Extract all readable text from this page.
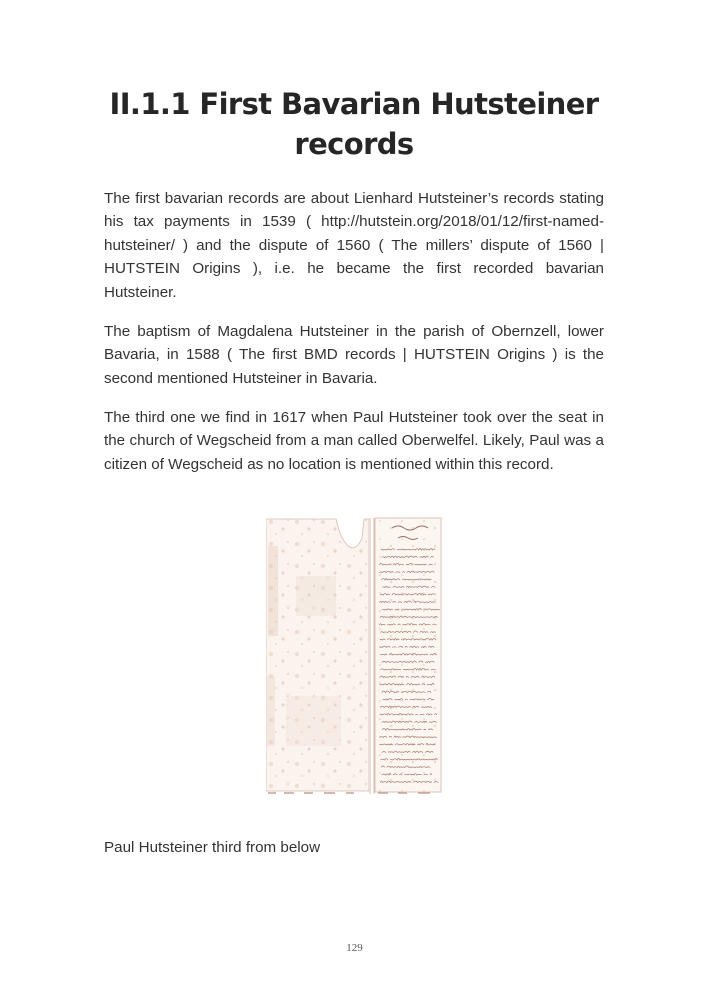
II.1.1 First Bavarian Hutsteiner
records

The first bavarian records are about Lienhard Hutsteiner’s records stating his tax payments in 1539 ( http://hutstein.org/2018/01/12/first-named-hutsteiner/ ) and the dispute of 1560 ( The millers’ dispute of 1560 | HUTSTEIN Origins ), i.e. he became the first recorded bavarian Hutsteiner.

The baptism of Magdalena Hutsteiner in the parish of Obernzell, lower Bavaria, in 1588 ( The first BMD records | HUTSTEIN Origins ) is the second mentioned Hutsteiner in Bavaria.

The third one we find in 1617 when Paul Hutsteiner took over the seat in the church of Wegscheid from a man called Oberwelfel. Likely, Paul was a citizen of Wegscheid as no location is mentioned within this record.

Paul Hutsteiner third from below

129
